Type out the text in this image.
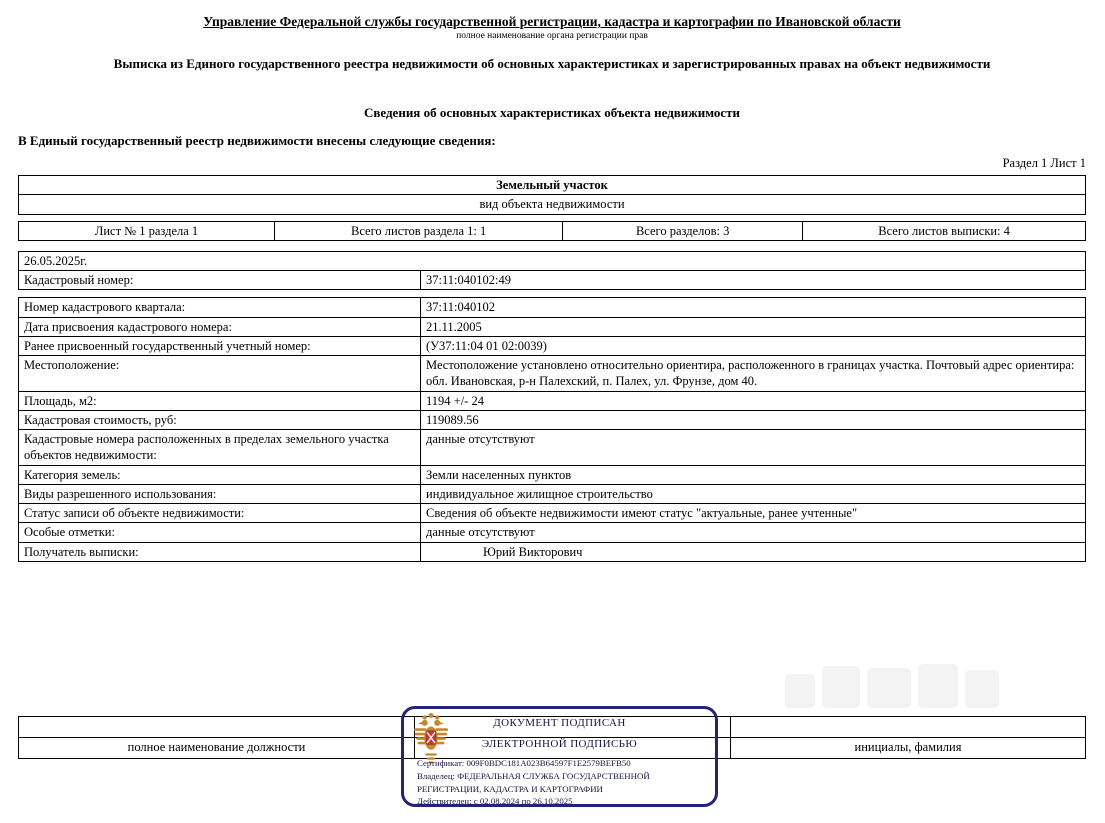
Управление Федеральной службы государственной регистрации, кадастра и картографии по Ивановской области
полное наименование органа регистрации прав
Выписка из Единого государственного реестра недвижимости об основных характеристиках и зарегистрированных правах на объект недвижимости
Сведения об основных характеристиках объекта недвижимости
В Единый государственный реестр недвижимости внесены следующие сведения:
Раздел 1 Лист 1
Земельный участок
вид объекта недвижимости
Лист № 1 раздела 1	Всего листов раздела 1: 1	Всего разделов: 3	Всего листов выписки: 4
26.05.2025г.
Кадастровый номер:	37:11:040102:49
Номер кадастрового квартала:	37:11:040102
Дата присвоения кадастрового номера:	21.11.2005
Ранее присвоенный государственный учетный номер:	(У37:11:04 01 02:0039)
Местоположение:	Местоположение установлено относительно ориентира, расположенного в границах участка. Почтовый адрес ориентира: обл. Ивановская, р-н Палехский, п. Палех, ул. Фрунзе, дом 40.
Площадь, м2:	1194 +/- 24
Кадастровая стоимость, руб:	119089.56
Кадастровые номера расположенных в пределах земельного участка объектов недвижимости:	данные отсутствуют
Категория земель:	Земли населенных пунктов
Виды разрешенного использования:	индивидуальное жилищное строительство
Статус записи об объекте недвижимости:	Сведения об объекте недвижимости имеют статус "актуальные, ранее учтенные"
Особые отметки:	данные отсутствуют
Получатель выписки:	Юрий Викторович

полное наименование должности		инициалы, фамилия
ДОКУМЕНТ ПОДПИСАН
ЭЛЕКТРОННОЙ ПОДПИСЬЮ
Сертификат: 009F0BDC181A023B64597F1E2579BEFB50
Владелец: ФЕДЕРАЛЬНАЯ СЛУЖБА ГОСУДАРСТВЕННОЙ РЕГИСТРАЦИИ, КАДАСТРА И КАРТОГРАФИИ
Действителен: с 02.08.2024 по 26.10.2025
